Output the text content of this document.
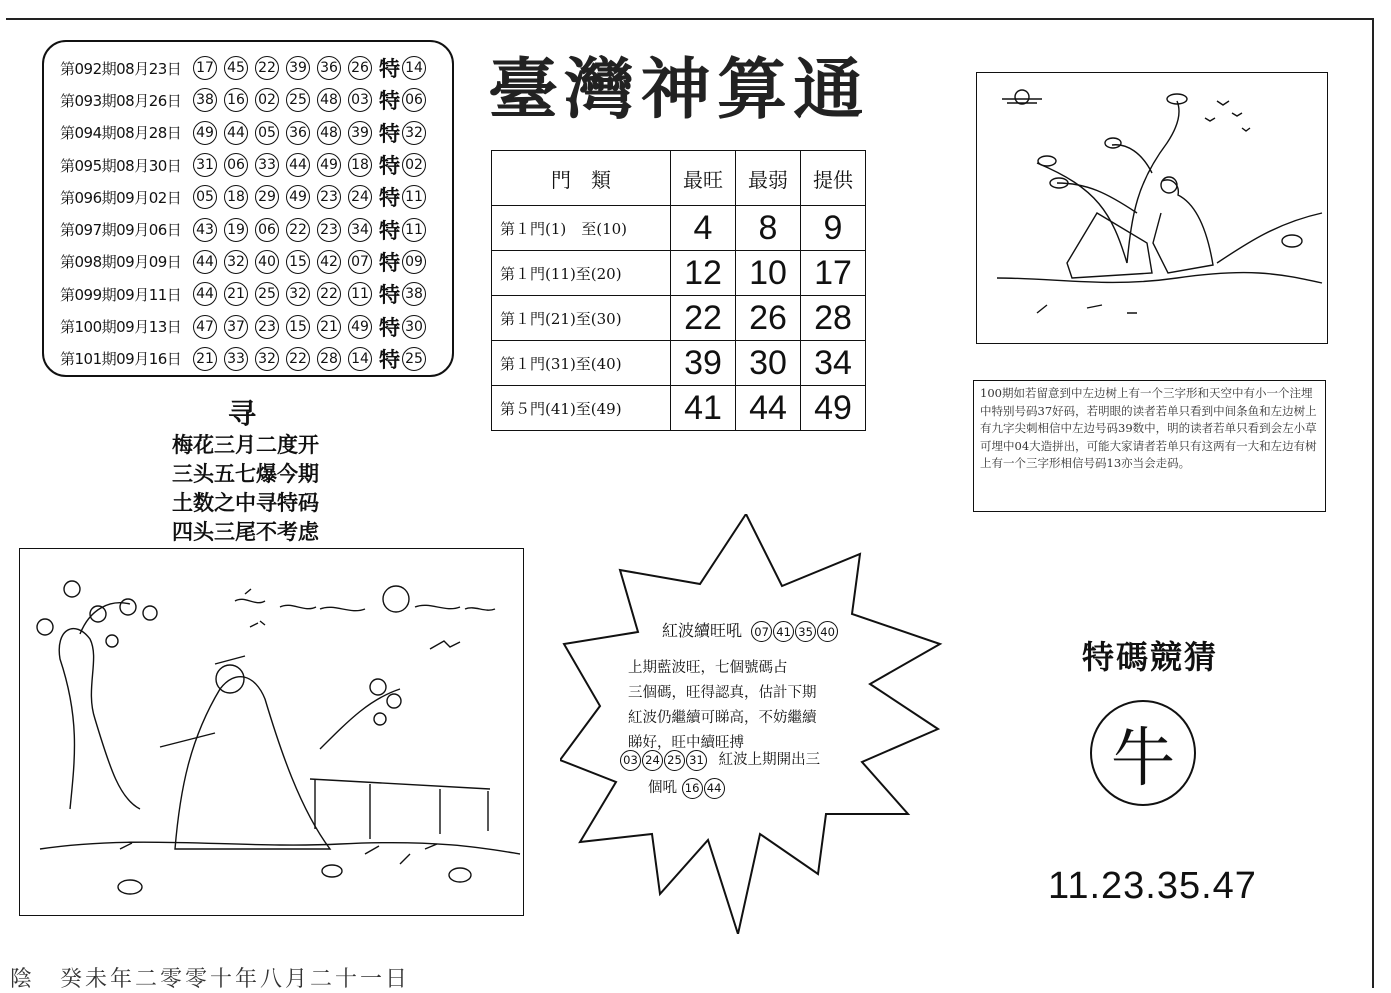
第092期08月23日	17 45 22 39 36 26 特 14
第093期08月26日	38 16 02 25 48 03 特 06
第094期08月28日	49 44 05 36 48 39 特 32
第095期08月30日	31 06 33 44 49 18 特 02
第096期09月02日	05 18 29 49 23 24 特 11
第097期09月06日	43 19 06 22 23 34 特 11
第098期09月09日	44 32 40 15 42 07 特 09
第099期09月11日	44 21 25 32 22 11 特 38
第100期09月13日	47 37 23 15 21 49 特 30
第101期09月16日	21 33 32 22 28 14 特 25
臺灣神算通
門　類	最旺	最弱	提供
第１門(1)　至(10)	4	8	9
第１門(11)至(20)	12	10	17
第１門(21)至(30)	22	26	28
第１門(31)至(40)	39	30	34
第５門(41)至(49)	41	44	49
寻
梅花三月二度开
三头五七爆今期
土数之中寻特码
四头三尾不考虑
100期如若留意到中左边树上有一个三字形和天空中有小一个注埋中特别号码37好码，若明眼的读者若单只看到中间条鱼和左边树上有九字尖刺相信中左边号码39数中，明的读者若单只看到会左小草可埋中04大造拼出，可能大家请者若单只有这两有一大和左边有树上有一个三字形相信号码13亦当会走码。
紅波續旺吼 07 41 35 40
上期藍波旺，七個號碼占
三個碼，旺得認真，估計下期
紅波仍繼續可睇高，不妨繼續
睇好，旺中續旺搏
03 24 25 31 紅波上期開出三
個吼 16 44
特碼競猜
牛
11.23.35.47
陰　癸未年二零零十年八月二十一日
